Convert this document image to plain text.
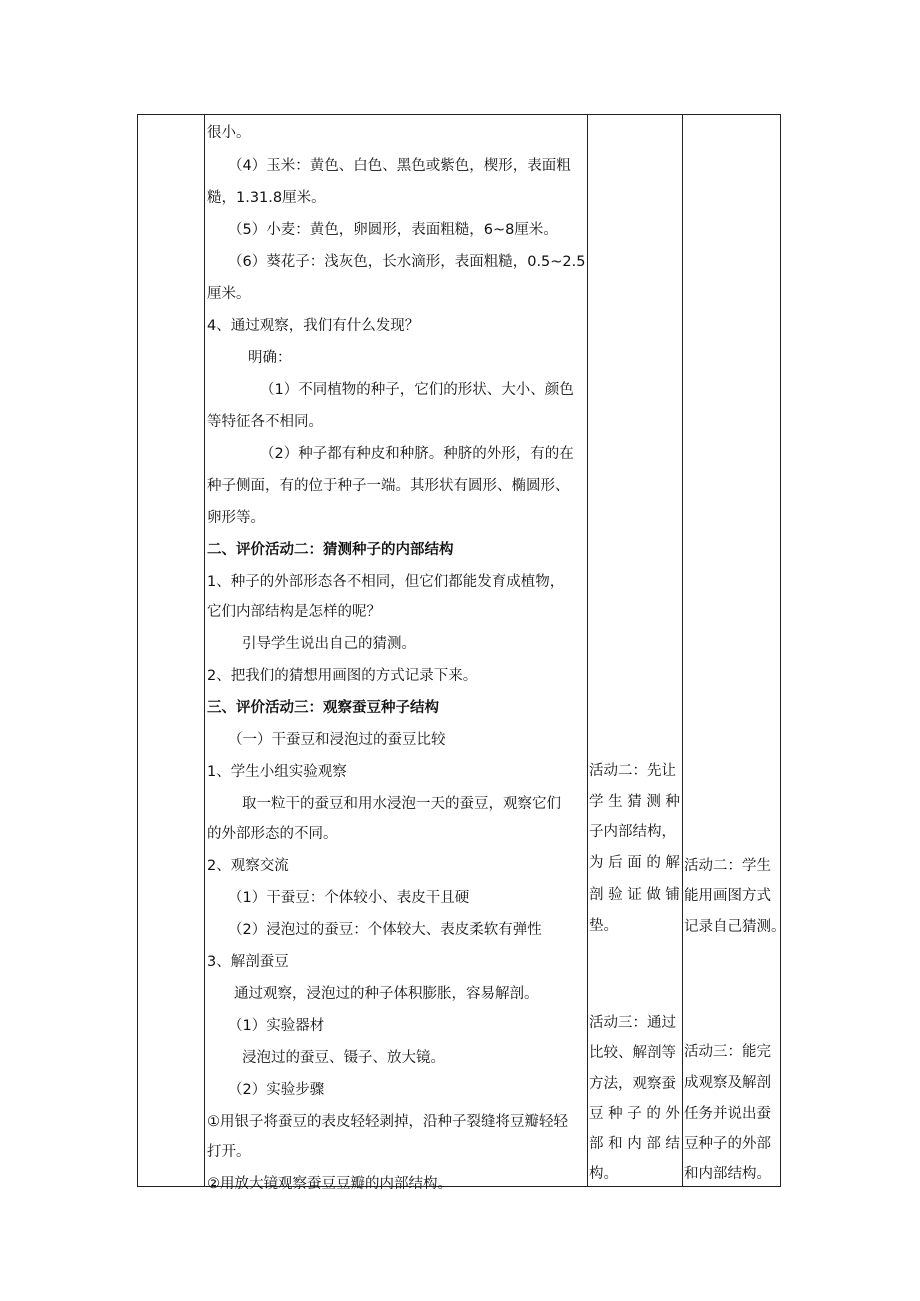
很小。
（4）玉米：黄色、白色、黑色或紫色，楔形，表面粗
糙，1.31.8厘米。
（5）小麦：黄色，卵圆形，表面粗糙，6~8厘米。
（6）葵花子：浅灰色，长水滴形，表面粗糙，0.5~2.5
厘米。
4、通过观察，我们有什么发现？
明确：
（1）不同植物的种子，它们的形状、大小、颜色
等特征各不相同。
（2）种子都有种皮和种脐。种脐的外形，有的在
种子侧面，有的位于种子一端。其形状有圆形、椭圆形、
卵形等。
二、评价活动二：猜测种子的内部结构
1、种子的外部形态各不相同，但它们都能发育成植物，
它们内部结构是怎样的呢？
引导学生说出自己的猜测。
2、把我们的猜想用画图的方式记录下来。
三、评价活动三：观察蚕豆种子结构
（一）干蚕豆和浸泡过的蚕豆比较
1、学生小组实验观察
取一粒干的蚕豆和用水浸泡一天的蚕豆，观察它们
的外部形态的不同。
2、观察交流
（1）干蚕豆：个体较小、表皮干且硬
（2）浸泡过的蚕豆：个体较大、表皮柔软有弹性
3、解剖蚕豆
通过观察，浸泡过的种子体积膨胀，容易解剖。
（1）实验器材
浸泡过的蚕豆、镊子、放大镜。
（2）实验步骤
①用银子将蚕豆的表皮轻轻剥掉，沿种子裂缝将豆瓣轻轻
打开。
②用放大镜观察蚕豆豆瓣的内部结构。
活动二：先让
学 生 猜 测 种
子内部结构，
为 后 面 的 解
剖 验 证 做 铺
垫。
活动三：通过
比较、解剖等
方法，观察蚕
豆 种 子 的 外
部 和 内 部 结
构。
活动二：学生
能用画图方式
记录自己猜测。
活动三：能完
成观察及解剖
任务并说出蚕
豆种子的外部
和内部结构。
